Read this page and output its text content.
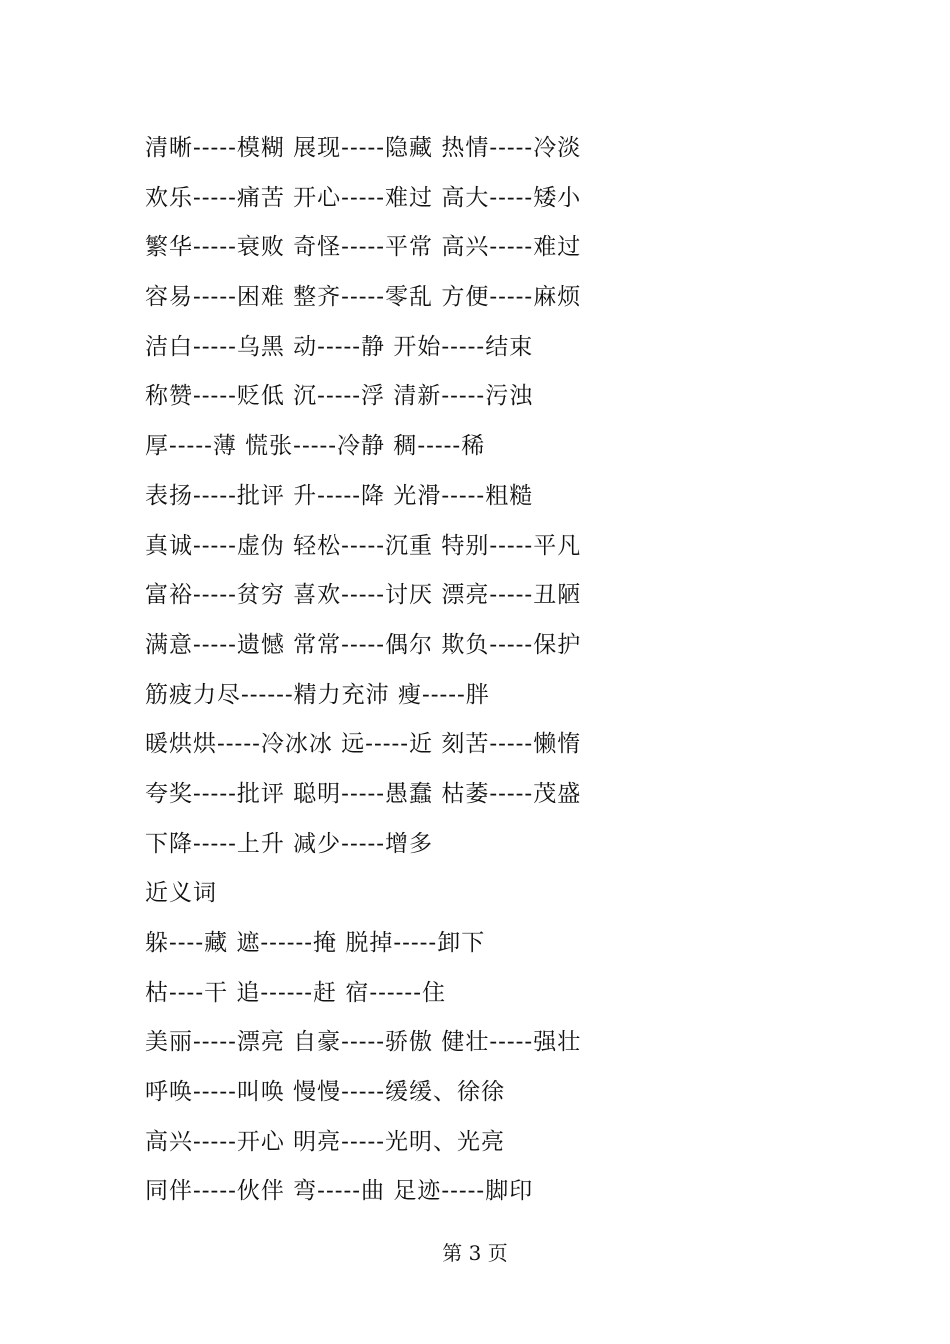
清晰-----模糊 展现-----隐藏 热情-----冷淡
欢乐-----痛苦 开心-----难过 高大-----矮小
繁华-----衰败 奇怪-----平常 高兴-----难过
容易-----困难 整齐-----零乱 方便-----麻烦
洁白-----乌黑 动-----静 开始-----结束
称赞-----贬低 沉-----浮 清新-----污浊
厚-----薄 慌张-----冷静 稠-----稀
表扬-----批评 升-----降 光滑-----粗糙
真诚-----虚伪 轻松-----沉重 特别-----平凡
富裕-----贫穷 喜欢-----讨厌 漂亮-----丑陋
满意-----遗憾 常常-----偶尔 欺负-----保护
筋疲力尽------精力充沛 瘦-----胖
暖烘烘-----冷冰冰 远-----近 刻苦-----懒惰
夸奖-----批评 聪明-----愚蠢 枯萎-----茂盛
下降-----上升 减少-----增多
近义词
躲----藏 遮------掩 脱掉-----卸下
枯----干 追------赶 宿------住
美丽-----漂亮 自豪-----骄傲 健壮-----强壮
呼唤-----叫唤 慢慢-----缓缓、徐徐
高兴-----开心 明亮-----光明、光亮
同伴-----伙伴 弯-----曲 足迹-----脚印
第 3 页
